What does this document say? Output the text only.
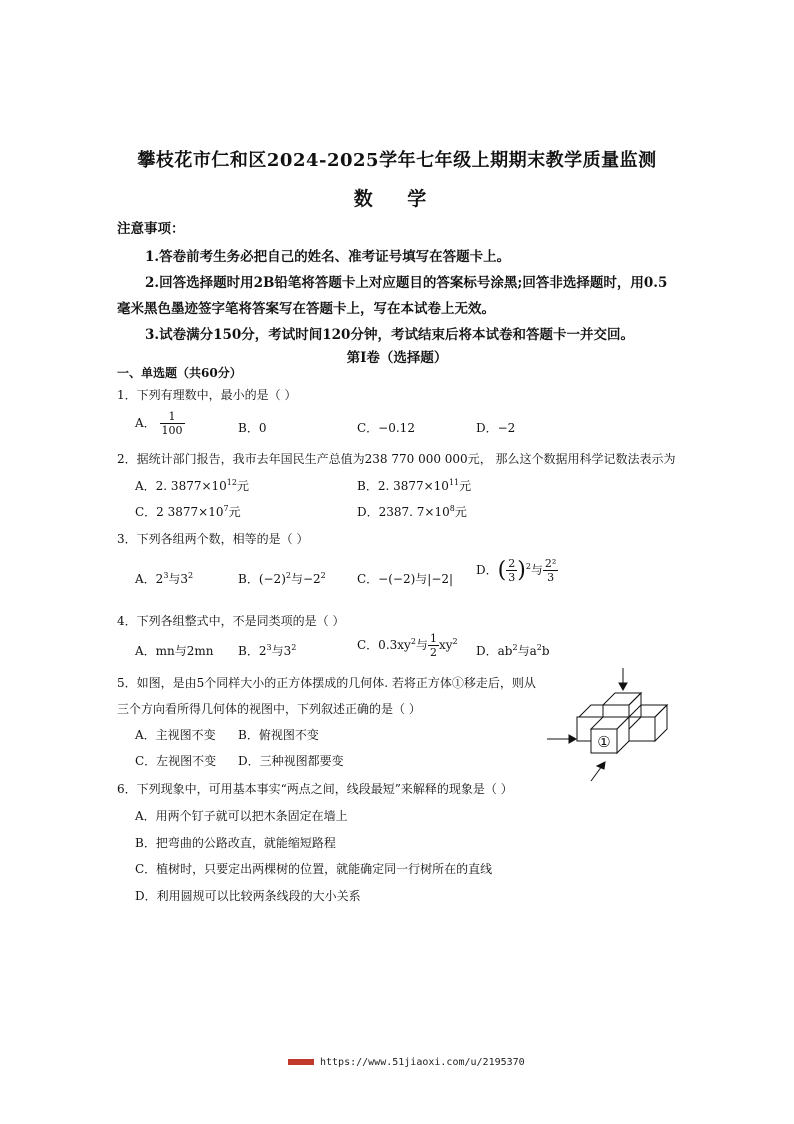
攀枝花市仁和区2024-2025学年七年级上期期末教学质量监测
数 学
注意事项：
1.答卷前考生务必把自己的姓名、准考证号填写在答题卡上。
2.回答选择题时用2B铅笔将答题卡上对应题目的答案标号涂黑;回答非选择题时，用0.5
毫米黑色墨迹签字笔将答案写在答题卡上，写在本试卷上无效。
3.试卷满分150分，考试时间120分钟，考试结束后将本试卷和答题卡一并交回。
第Ⅰ卷（选择题）
一、单选题（共60分）
1．下列有理数中，最小的是（ ）
A． $\frac{1}{100}$	B．0	C．−0.12	D．−2
2．据统计部门报告，我市去年国民生产总值为238 770 000 000元， 那么这个数据用科学记数法表示为
A．2. $3877\times 10^{12}$元	B．2. $3877\times 10^{11}$元
C．2 $3877\times 10^7$元	D．2387. $7\times 10^8$元
3．下列各组两个数，相等的是（ ）
A．$2^3$与$3^2$	B．$(-2)^2$与$-2^2$	C．−(−2)与|−2|
D．( $\frac{2}{3} )^2$与 $\frac{\text{2²}}{3}$
4．下列各组整式中，不是同类项的是（ ）
A．mn与2mn B．$2^3$与$3^2$	C．$0.3xy^2$与 $\frac{1}{2} xy^2$
D．$ab^2$与$a^2b$
5．如图，是由5个同样大小的正方体摆成的几何体. 若将正方体①移走后，则从
三个方向看所得几何体的视图中，下列叙述正确的是（ ）
A．主视图不变 B．俯视图不变
C．左视图不变 D．三种视图都要变
①
6．下列现象中，可用基本事实“两点之间，线段最短”来解释的现象是（ ）
A．用两个钉子就可以把木条固定在墙上
B．把弯曲的公路改直，就能缩短路程
C．植树时，只要定出两棵树的位置，就能确定同一行树所在的直线
D．利用圆规可以比较两条线段的大小关系
https://www.51jiaoxi.com/u/2195370
